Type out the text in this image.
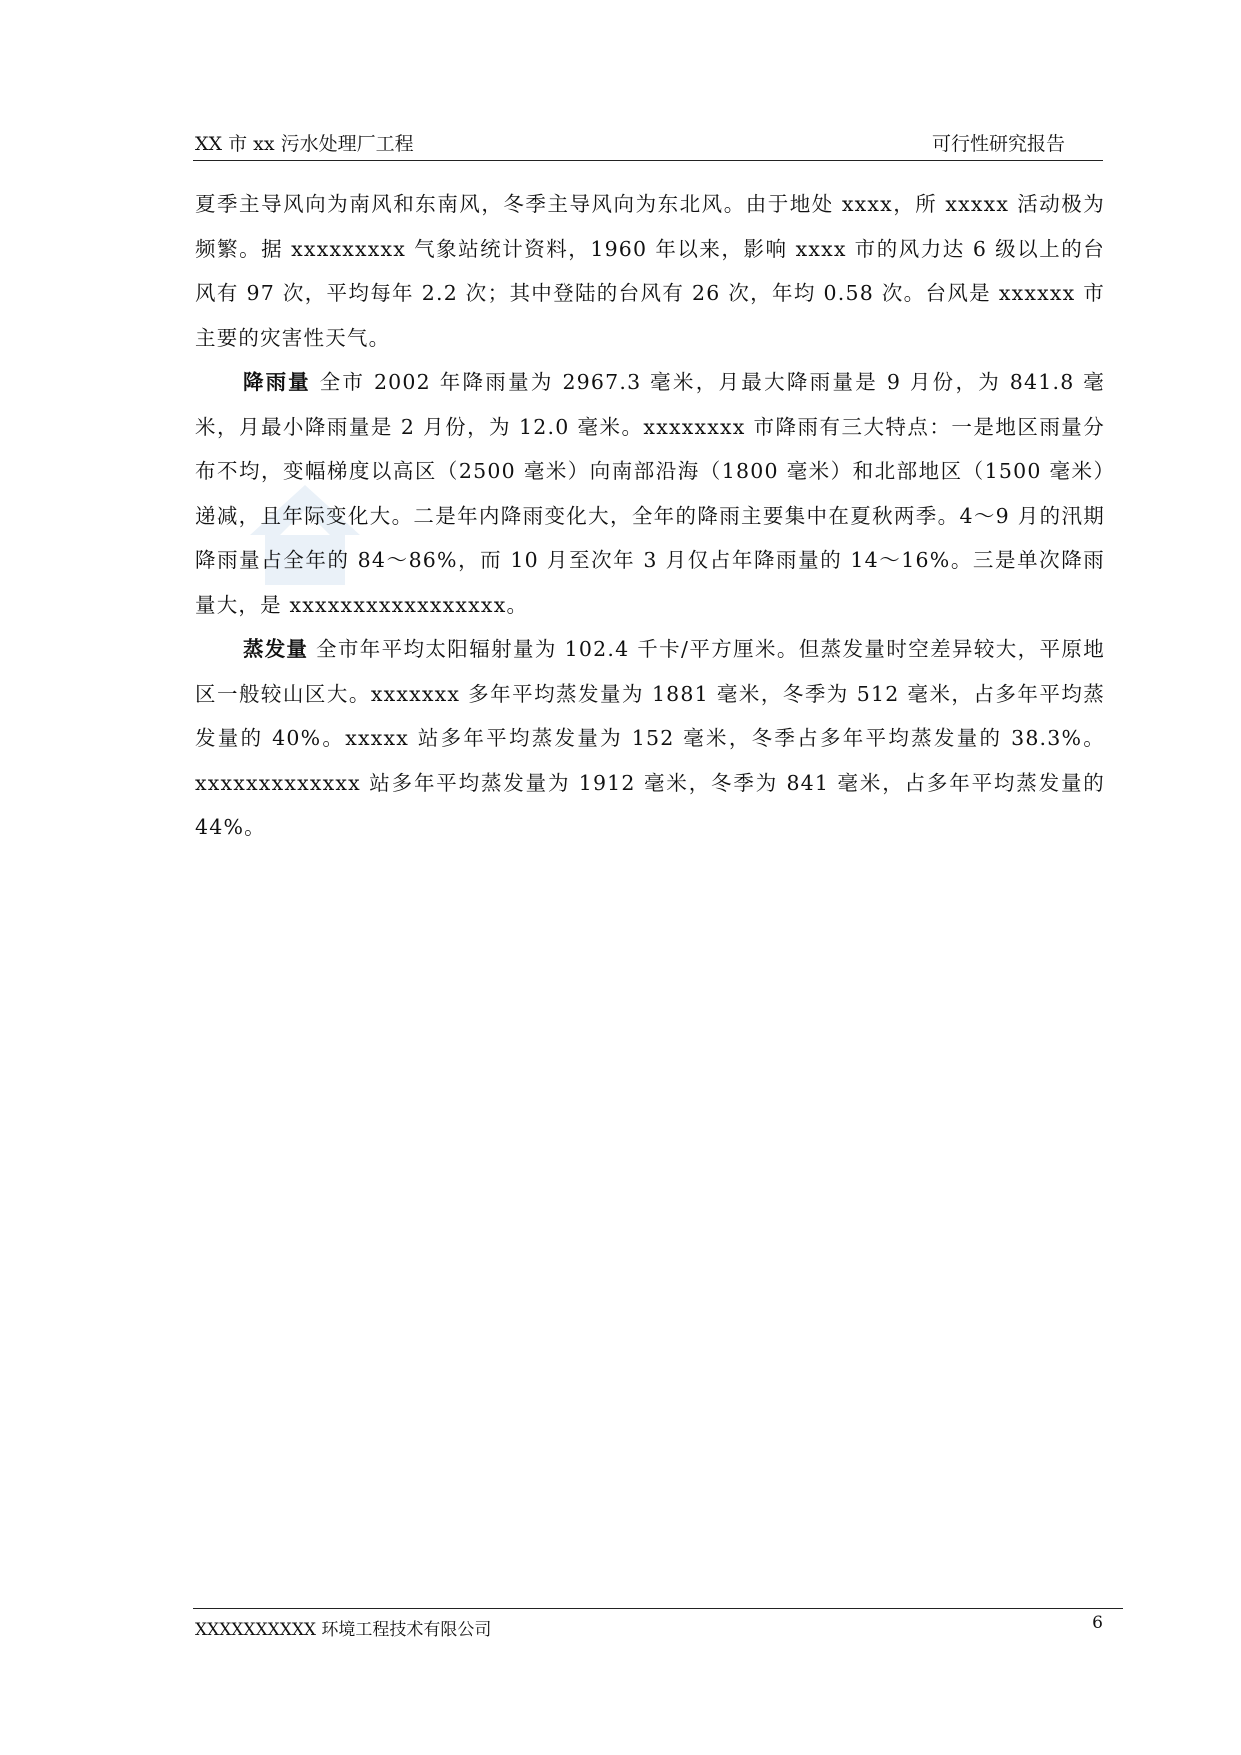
XX 市 xx 污水处理厂工程	可行性研究报告

夏季主导风向为南风和东南风，冬季主导风向为东北风。由于地处 xxxx，所 xxxxx 活动极为频繁。据 xxxxxxxxx 气象站统计资料，1960 年以来，影响 xxxx 市的风力达 6 级以上的台风有 97 次，平均每年 2.2 次；其中登陆的台风有 26 次，年均 0.58 次。台风是 xxxxxx 市主要的灾害性天气。

降雨量 全市 2002 年降雨量为 2967.3 毫米，月最大降雨量是 9 月份，为 841.8 毫米，月最小降雨量是 2 月份，为 12.0 毫米。xxxxxxxx 市降雨有三大特点：一是地区雨量分布不均，变幅梯度以高区（2500 毫米）向南部沿海（1800 毫米）和北部地区（1500 毫米）递减，且年际变化大。二是年内降雨变化大，全年的降雨主要集中在夏秋两季。4～9 月的汛期降雨量占全年的 84～86%，而 10 月至次年 3 月仅占年降雨量的 14～16%。三是单次降雨量大，是 xxxxxxxxxxxxxxxxx。

蒸发量 全市年平均太阳辐射量为 102.4 千卡/平方厘米。但蒸发量时空差异较大，平原地区一般较山区大。xxxxxxx 多年平均蒸发量为 1881 毫米，冬季为 512 毫米，占多年平均蒸发量的 40%。xxxxx 站多年平均蒸发量为 152 毫米，冬季占多年平均蒸发量的 38.3%。xxxxxxxxxxxxx 站多年平均蒸发量为 1912 毫米，冬季为 841 毫米，占多年平均蒸发量的 44%。

XXXXXXXXXX 环境工程技术有限公司	6
